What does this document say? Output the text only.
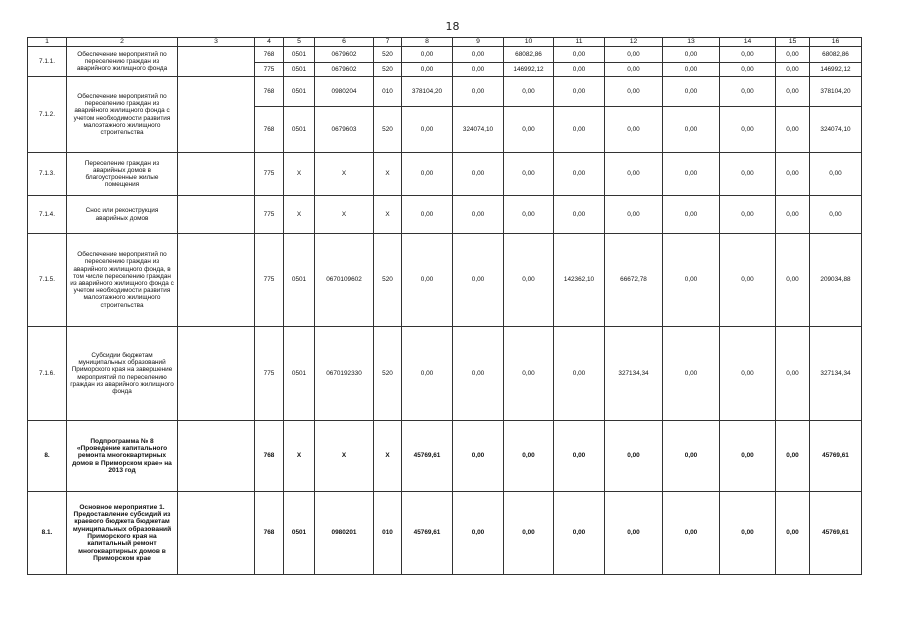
18
1	2	3	4	5	6	7	8	9	10	11	12	13	14	15	16
7.1.1.	Обеспечение мероприятий по переселению граждан из аварийного жилищного фонда		768	0501	0679602	520	0,00	0,00	68082,86	0,00	0,00	0,00	0,00	0,00	68082,86
			775	0501	0679602	520	0,00	0,00	146992,12	0,00	0,00	0,00	0,00	0,00	146992,12
7.1.2.	Обеспечение мероприятий по переселению граждан из аварийного жилищного фонда с учетом необходимости развития малоэтажного жилищного строительства		768	0501	0980204	010	378104,20	0,00	0,00	0,00	0,00	0,00	0,00	0,00	378104,20
			768	0501	0679603	520	0,00	324074,10	0,00	0,00	0,00	0,00	0,00	0,00	324074,10
7.1.3.	Переселение граждан из аварийных домов в благоустроенные жилые помещения		775	X	X	X	0,00	0,00	0,00	0,00	0,00	0,00	0,00	0,00	0,00
7.1.4.	Снос или реконструкция аварийных домов		775	X	X	X	0,00	0,00	0,00	0,00	0,00	0,00	0,00	0,00	0,00
7.1.5.	Обеспечение мероприятий по переселению граждан из аварийного жилищного фонда, в том числе переселению граждан из аварийного жилищного фонда с учетом необходимости развития малоэтажного жилищного строительства		775	0501	0670109602	520	0,00	0,00	0,00	142362,10	66672,78	0,00	0,00	0,00	209034,88
7.1.6.	Субсидии бюджетам муниципальных образований Приморского края на завершение мероприятий по переселению граждан из аварийного жилищного фонда		775	0501	0670192330	520	0,00	0,00	0,00	0,00	327134,34	0,00	0,00	0,00	327134,34
8.	Подпрограмма № 8 «Проведение капитального ремонта многоквартирных домов в Приморском крае» на 2013 год		768	X	X	X	45769,61	0,00	0,00	0,00	0,00	0,00	0,00	0,00	45769,61
8.1.	Основное мероприятие 1. Предоставление субсидий из краевого бюджета бюджетам муниципальных образований Приморского края на капитальный ремонт многоквартирных домов в Приморском крае		768	0501	0980201	010	45769,61	0,00	0,00	0,00	0,00	0,00	0,00	0,00	45769,61
